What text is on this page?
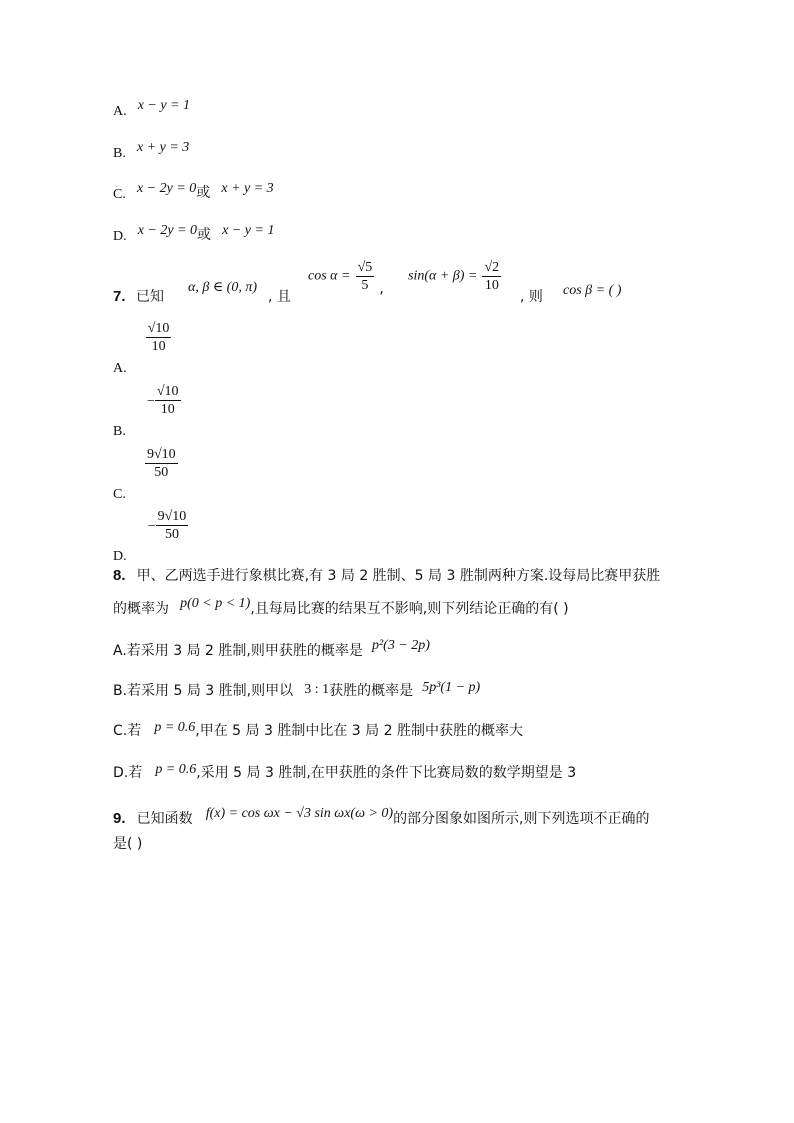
A. x − y = 1
B. x + y = 3
C. x − 2y = 0或 x + y = 3
D. x − 2y = 0或 x − y = 1
7. 已知
α, β ∈ (0, π)
, 且
$\cos \alpha = \frac{√5}{5}$ ,
$\sin(\alpha + \beta) = \frac{√2}{10}$
, 则 cos β = ( )
A.
$\frac{√10}{10}$
B. − $\frac{√10}{10}$
C.
$\frac{9√10}{50}$
D. − $\frac{9√10}{50}$
8. 甲、乙两选手进行象棋比赛,有 3 局 2 胜制、5 局 3 胜制两种方案.设每局比赛甲获胜
的概率为 p(0 < p < 1),且每局比赛的结果互不影响,则下列结论正确的有( )
A.若采用 3 局 2 胜制,则甲获胜的概率是 p²(3 − 2p)
B.若采用 5 局 3 胜制,则甲以 3 : 1获胜的概率是 5p³(1 − p)
C.若 p = 0.6,甲在 5 局 3 胜制中比在 3 局 2 胜制中获胜的概率大
D.若 p = 0.6,采用 5 局 3 胜制,在甲获胜的条件下比赛局数的数学期望是 3
9. 已知函数 f(x) = cos ωx − √3 sin ωx(ω > 0)的部分图象如图所示,则下列选项不正确的
是( )
